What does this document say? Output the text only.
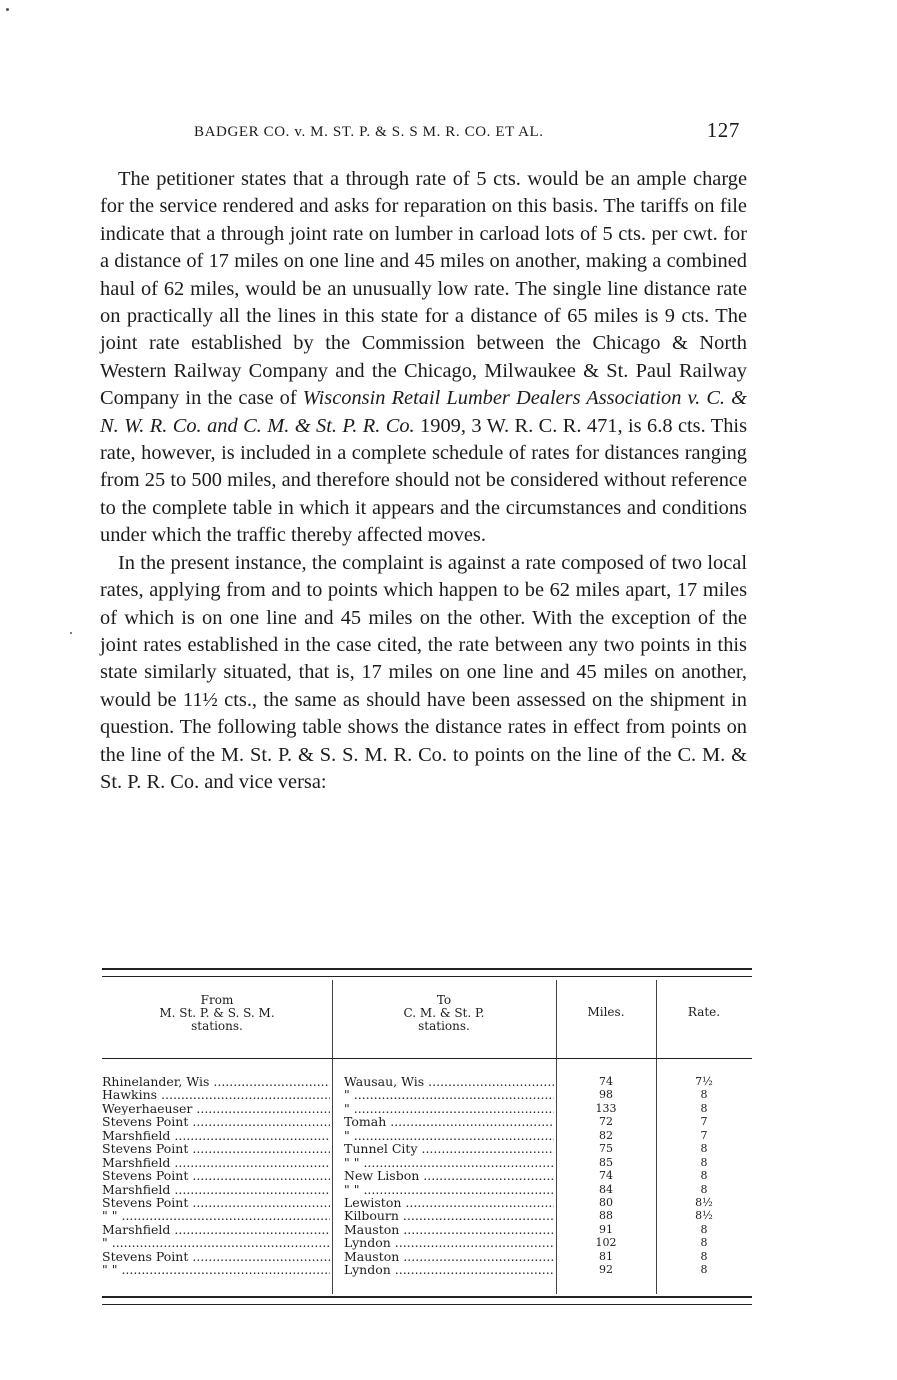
BADGER CO. v. M. ST. P. & S. S M. R. CO. ET AL.	127

The petitioner states that a through rate of 5 cts. would be an ample charge for the service rendered and asks for reparation on this basis. The tariffs on file indicate that a through joint rate on lumber in carload lots of 5 cts. per cwt. for a distance of 17 miles on one line and 45 miles on another, making a combined haul of 62 miles, would be an unusually low rate. The single line distance rate on practically all the lines in this state for a distance of 65 miles is 9 cts. The joint rate established by the Commission between the Chicago & North Western Railway Company and the Chicago, Milwaukee & St. Paul Railway Company in the case of Wisconsin Retail Lumber Dealers Association v. C. & N. W. R. Co. and C. M. & St. P. R. Co. 1909, 3 W. R. C. R. 471, is 6.8 cts. This rate, however, is included in a complete schedule of rates for distances ranging from 25 to 500 miles, and therefore should not be considered without reference to the complete table in which it appears and the circumstances and conditions under which the traffic thereby affected moves.

In the present instance, the complaint is against a rate composed of two local rates, applying from and to points which happen to be 62 miles apart, 17 miles of which is on one line and 45 miles on the other. With the exception of the joint rates established in the case cited, the rate between any two points in this state similarly situated, that is, 17 miles on one line and 45 miles on another, would be 11½ cts., the same as should have been assessed on the shipment in question. The following table shows the distance rates in effect from points on the line of the M. St. P. & S. S. M. R. Co. to points on the line of the C. M. & St. P. R. Co. and vice versa:

From
M. St. P. & S. S. M.
stations.
To
C. M. & St. P.
stations.
Miles.	Rate.
Rhinelander, Wis .....	Wausau, Wis .....	74	7½
Hawkins .....	" .....	98	8
Weyerhaeuser .....	" .....	133	8
Stevens Point .....	Tomah .....	72	7
Marshfield .....	" .....	82	7
Stevens Point .....	Tunnel City .....	75	8
Marshfield .....	" " .....	85	8
Stevens Point .....	New Lisbon .....	74	8
Marshfield .....	" " .....	84	8
Stevens Point .....	Lewiston .....	80	8½
" " .....	Kilbourn .....	88	8½
Marshfield .....	Mauston .....	91	8
" .....	Lyndon .....	102	8
Stevens Point .....	Mauston .....	81	8
" " .....	Lyndon .....	92	8
